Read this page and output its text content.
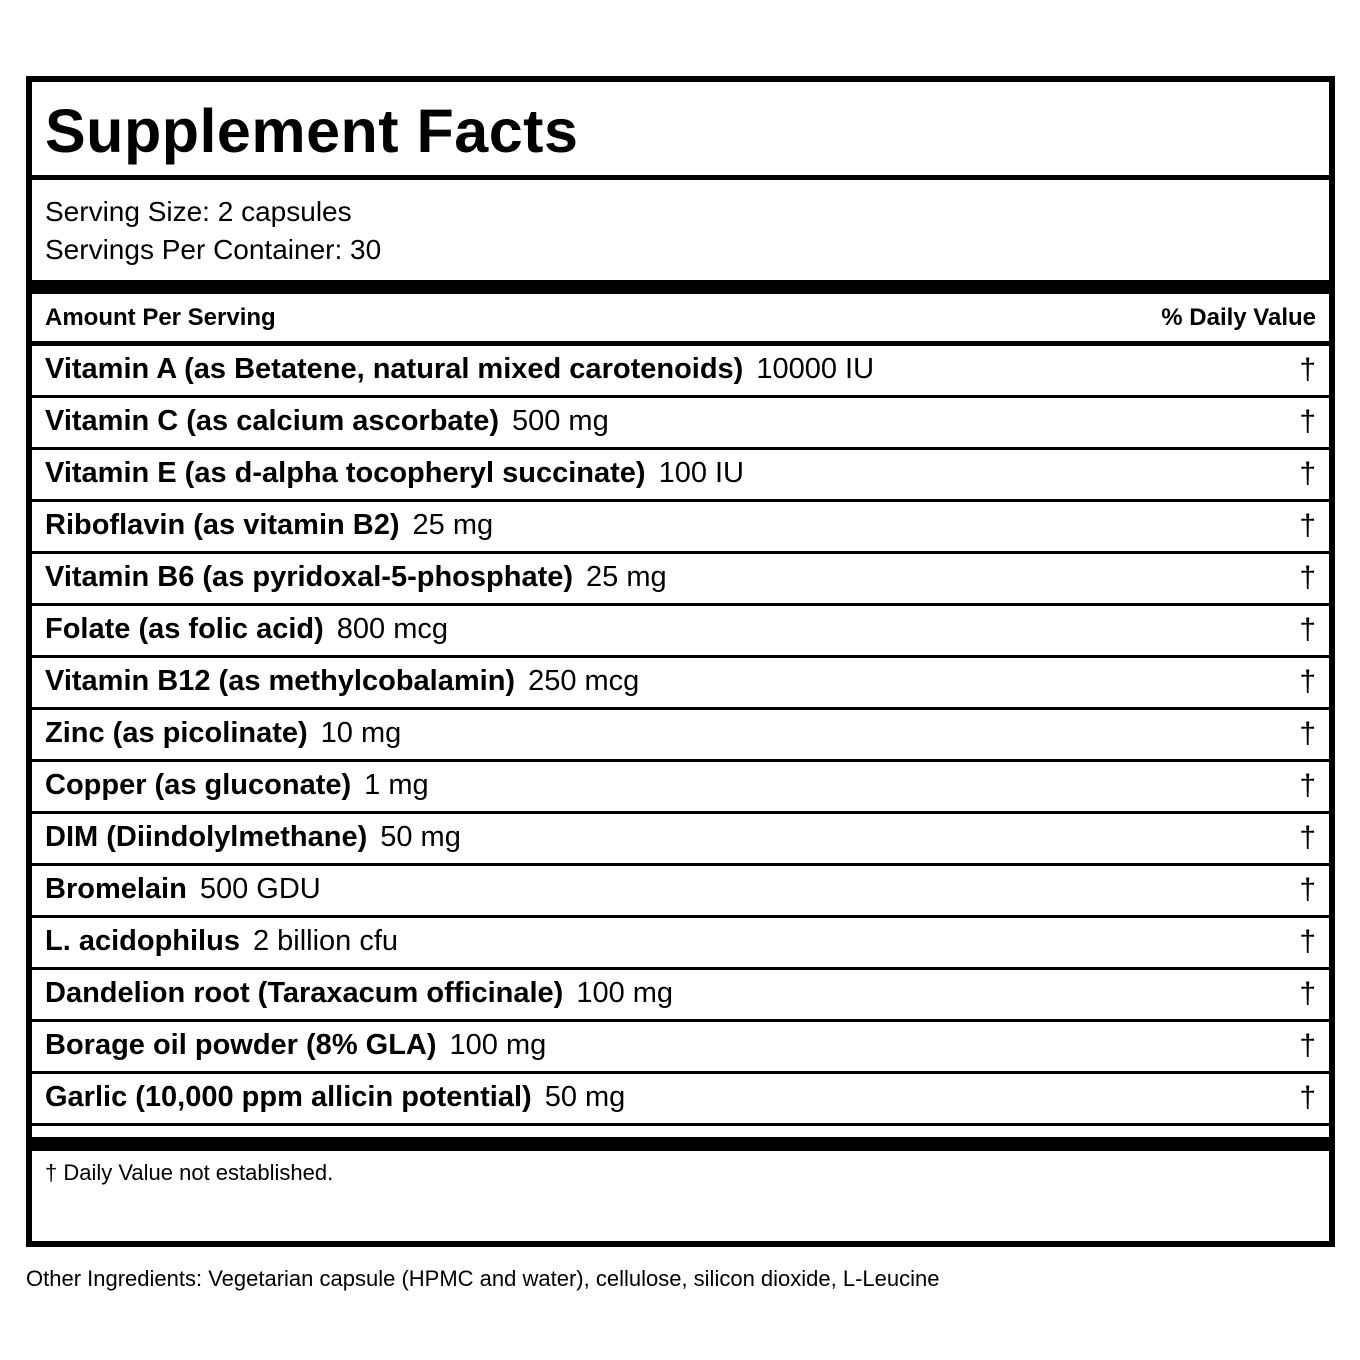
Supplement Facts
Serving Size: 2 capsules
Servings Per Container: 30
Amount Per Serving	% Daily Value
Vitamin A (as Betatene, natural mixed carotenoids) 10000 IU	†
Vitamin C (as calcium ascorbate) 500 mg	†
Vitamin E (as d-alpha tocopheryl succinate) 100 IU	†
Riboflavin (as vitamin B2) 25 mg	†
Vitamin B6 (as pyridoxal-5-phosphate) 25 mg	†
Folate (as folic acid) 800 mcg	†
Vitamin B12 (as methylcobalamin) 250 mcg	†
Zinc (as picolinate) 10 mg	†
Copper (as gluconate) 1 mg	†
DIM (Diindolylmethane) 50 mg	†
Bromelain 500 GDU	†
L. acidophilus 2 billion cfu	†
Dandelion root (Taraxacum officinale) 100 mg	†
Borage oil powder (8% GLA) 100 mg	†
Garlic (10,000 ppm allicin potential) 50 mg	†
† Daily Value not established.
Other Ingredients: Vegetarian capsule (HPMC and water), cellulose, silicon dioxide, L-Leucine
